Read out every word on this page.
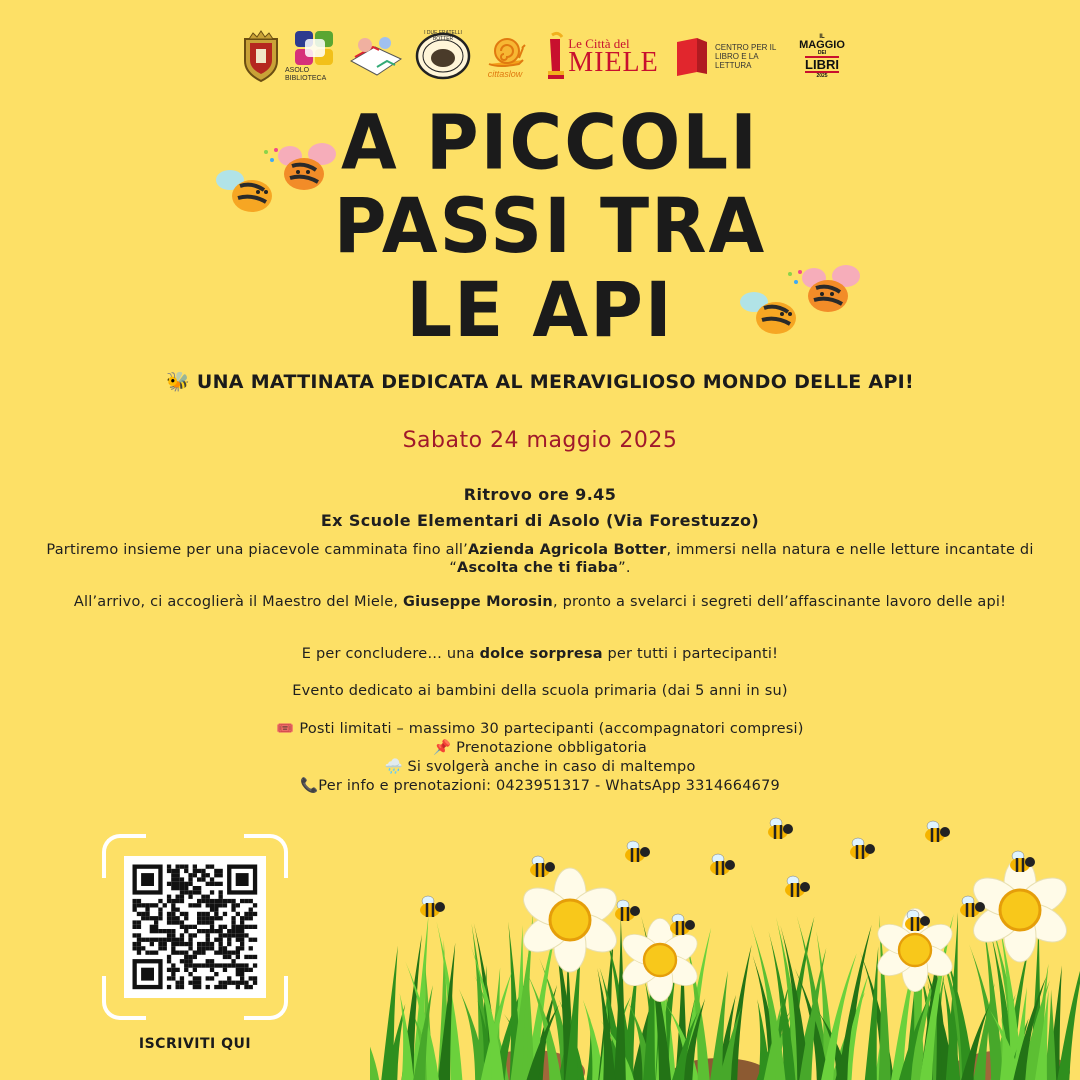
ASOLO BIBLIOTECA
I DUE FRATELLI BOTTER
cittaslow
Le Città del
MIELE	CENTRO PER IL LIBRO E LA LETTURA
IL
MAGGIO
DEI
LIBRI
2025
A PICCOLI
PASSI TRA
LE API
🐝 UNA MATTINATA DEDICATA AL MERAVIGLIOSO MONDO DELLE API!
Sabato 24 maggio 2025
Ritrovo ore 9.45
Ex Scuole Elementari di Asolo (Via Forestuzzo)
Partiremo insieme per una piacevole camminata fino all’Azienda Agricola Botter, immersi nella natura e nelle letture incantate di “Ascolta che ti fiaba”.
All’arrivo, ci accoglierà il Maestro del Miele, Giuseppe Morosin, pronto a svelarci i segreti dell’affascinante lavoro delle api!
E per concludere… una dolce sorpresa per tutti i partecipanti!
Evento dedicato ai bambini della scuola primaria (dai 5 anni in su)
🎟️ Posti limitati – massimo 30 partecipanti (accompagnatori compresi)
📌 Prenotazione obbligatoria
🌧️ Si svolgerà anche in caso di maltempo
📞Per info e prenotazioni: 0423951317 - WhatsApp 3314664679
ISCRIVITI QUI
